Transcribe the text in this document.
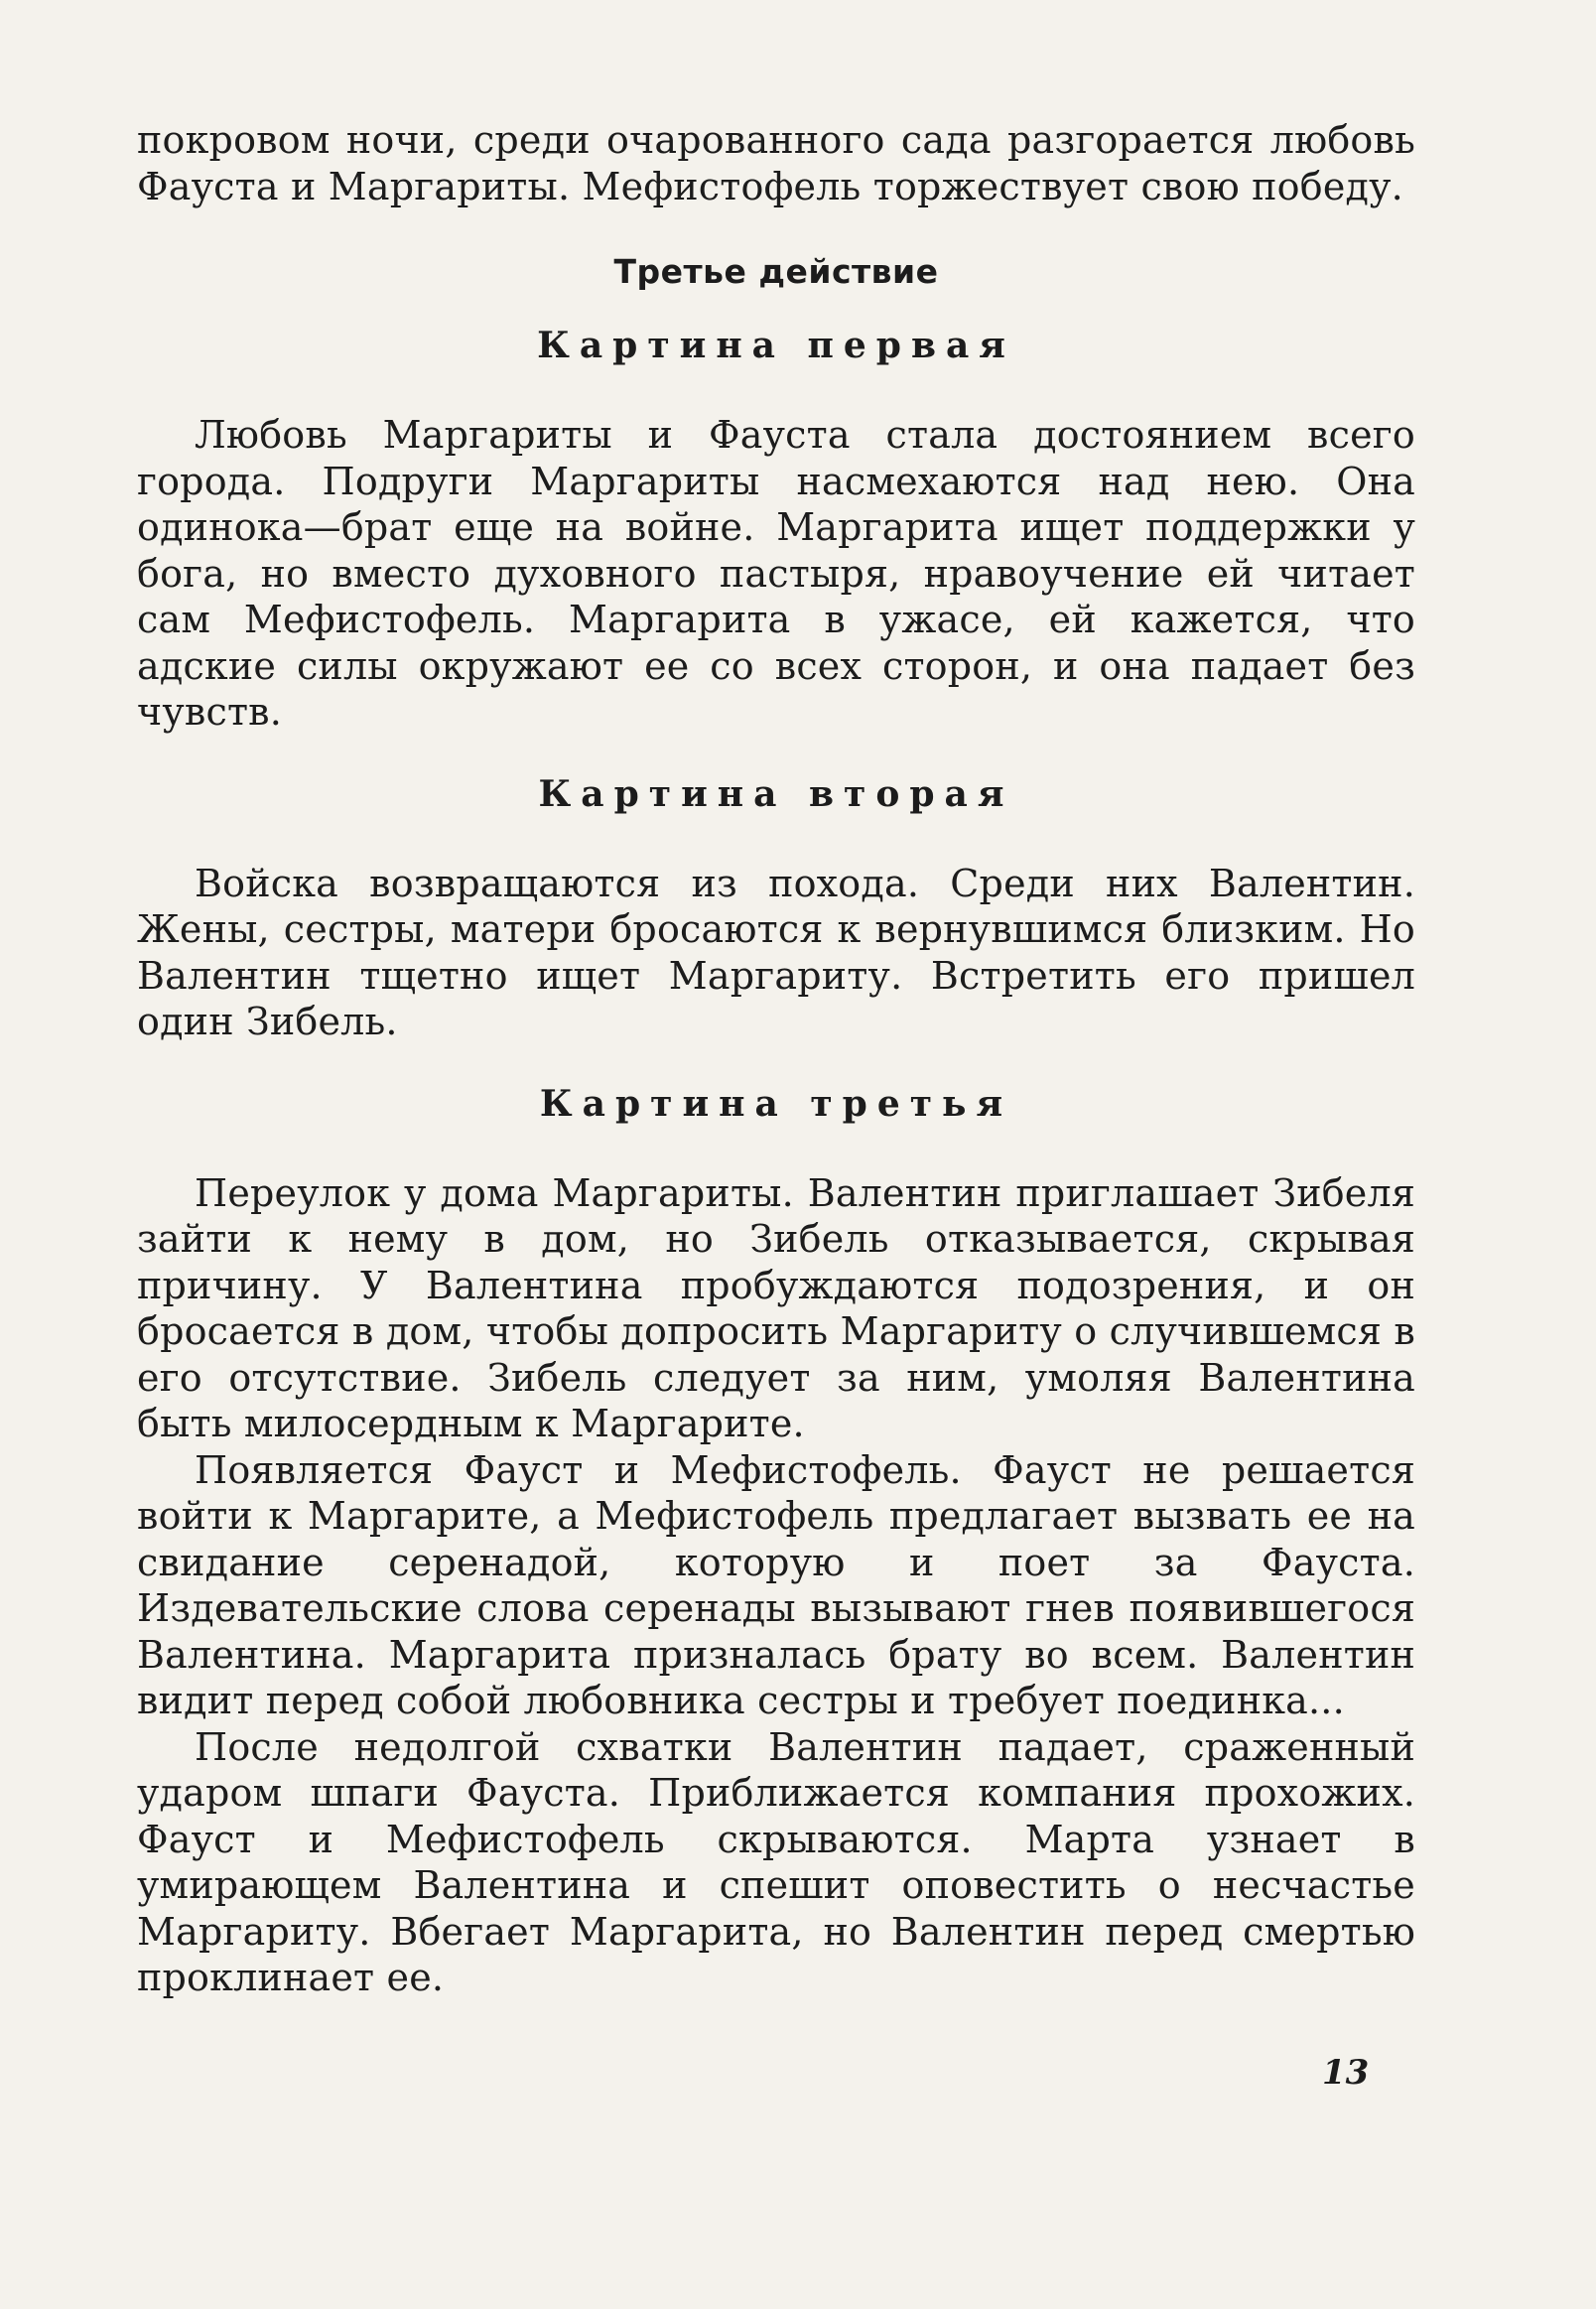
покровом ночи, среди очарованного сада разгорается любовь Фауста и Маргариты. Мефистофель торжествует свою победу.

Третье действие
Картина первая

Любовь Маргариты и Фауста стала достоянием всего города. Подруги Маргариты насмехаются над нею. Она одинока—брат еще на войне. Маргарита ищет поддержки у бога, но вместо духовного пастыря, нравоучение ей читает сам Мефистофель. Маргарита в ужасе, ей кажется, что адские силы окружают ее со всех сторон, и она падает без чувств.

Картина вторая

Войска возвращаются из похода. Среди них Валентин. Жены, сестры, матери бросаются к вернувшимся близким. Но Валентин тщетно ищет Маргариту. Встретить его пришел один Зибель.

Картина третья

Переулок у дома Маргариты. Валентин приглашает Зибеля зайти к нему в дом, но Зибель отказывается, скрывая причину. У Валентина пробуждаются подозрения, и он бросается в дом, чтобы допросить Маргариту о случившемся в его отсутствие. Зибель следует за ним, умоляя Валентина быть милосердным к Маргарите.

Появляется Фауст и Мефистофель. Фауст не решается войти к Маргарите, а Мефистофель предлагает вызвать ее на свидание серенадой, которую и поет за Фауста. Издевательские слова серенады вызывают гнев появившегося Валентина. Маргарита призналась брату во всем. Валентин видит перед собой любовника сестры и требует поединка...

После недолгой схватки Валентин падает, сраженный ударом шпаги Фауста. Приближается компания прохожих. Фауст и Мефистофель скрываются. Марта узнает в умирающем Валентина и спешит оповестить о несчастье Маргариту. Вбегает Маргарита, но Валентин перед смертью проклинает ее.

13
